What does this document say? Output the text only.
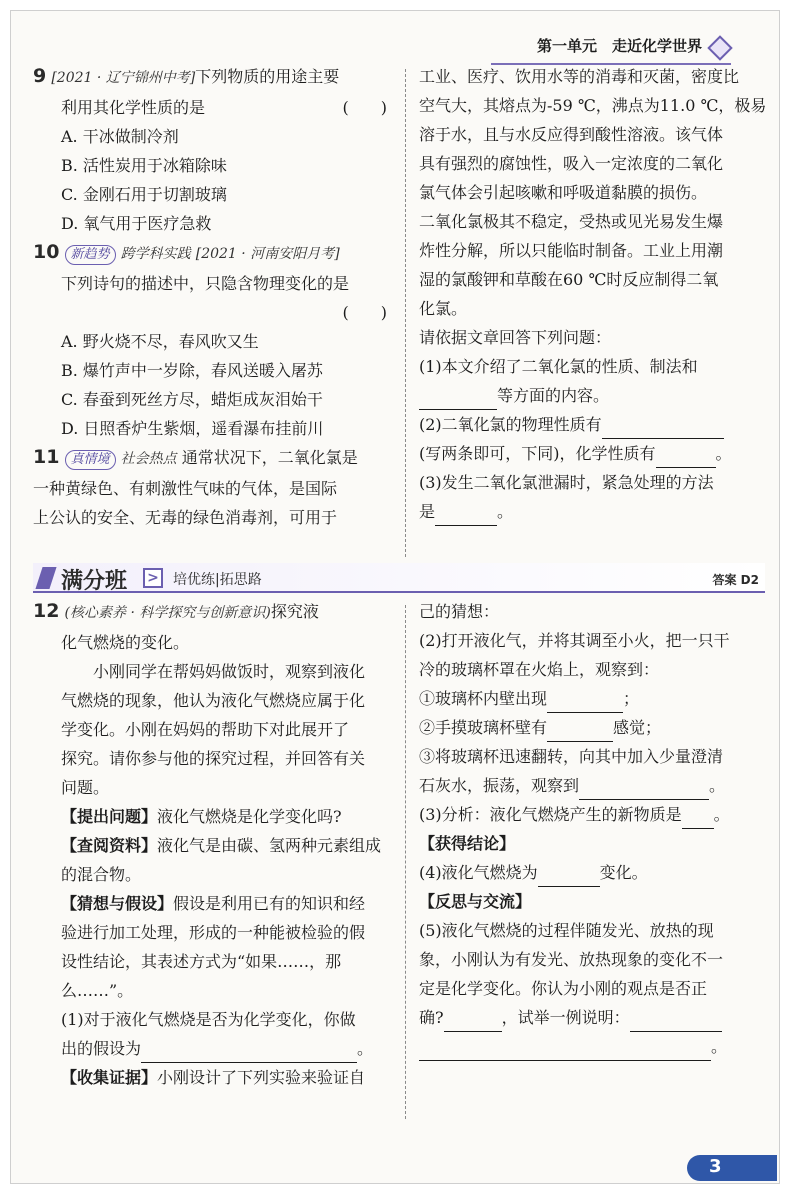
第一单元　走近化学世界

9 [2021 · 辽宁锦州中考]下列物质的用途主要

利用其化学性质的是	(　　)

A. 干冰做制冷剂

B. 活性炭用于冰箱除味

C. 金刚石用于切割玻璃

D. 氧气用于医疗急救

10 新趋势 跨学科实践 [2021 · 河南安阳月考]

下列诗句的描述中，只隐含物理变化的是

(　　)

A. 野火烧不尽，春风吹又生

B. 爆竹声中一岁除，春风送暖入屠苏

C. 春蚕到死丝方尽，蜡炬成灰泪始干

D. 日照香炉生紫烟，遥看瀑布挂前川

11 真情境 社会热点 通常状况下，二氧化氯是

一种黄绿色、有刺激性气味的气体，是国际

上公认的安全、无毒的绿色消毒剂，可用于

工业、医疗、饮用水等的消毒和灭菌，密度比

空气大，其熔点为-59 ℃，沸点为11.0 ℃，极易

溶于水，且与水反应得到酸性溶液。该气体

具有强烈的腐蚀性，吸入一定浓度的二氧化

氯气体会引起咳嗽和呼吸道黏膜的损伤。

二氧化氯极其不稳定，受热或见光易发生爆

炸性分解，所以只能临时制备。工业上用潮

湿的氯酸钾和草酸在60 ℃时反应制得二氧

化氯。

请依据文章回答下列问题：

(1)本文介绍了二氧化氯的性质、制法和

等方面的内容。

(2)二氧化氯的物理性质有

(写两条即可，下同)，化学性质有	。

(3)发生二氧化氯泄漏时，紧急处理的方法

是	。

满分班 > 培优练|拓思路	答案 D2

12 (核心素养 · 科学探究与创新意识)探究液

化气燃烧的变化。

小刚同学在帮妈妈做饭时，观察到液化

气燃烧的现象，他认为液化气燃烧应属于化

学变化。小刚在妈妈的帮助下对此展开了

探究。请你参与他的探究过程，并回答有关

问题。

【提出问题】液化气燃烧是化学变化吗?

【查阅资料】液化气是由碳、氢两种元素组成

的混合物。

【猜想与假设】假设是利用已有的知识和经

验进行加工处理，形成的一种能被检验的假

设性结论，其表述方式为“如果……，那

么……”。

(1)对于液化气燃烧是否为化学变化，你做

出的假设为	。

【收集证据】小刚设计了下列实验来验证自

己的猜想：

(2)打开液化气，并将其调至小火，把一只干

冷的玻璃杯罩在火焰上，观察到：

①玻璃杯内壁出现	；

②手摸玻璃杯壁有	感觉；

③将玻璃杯迅速翻转，向其中加入少量澄清

石灰水，振荡，观察到	。

(3)分析：液化气燃烧产生的新物质是 。

【获得结论】

(4)液化气燃烧为	变化。

【反思与交流】

(5)液化气燃烧的过程伴随发光、放热的现

象，小刚认为有发光、放热现象的变化不一

定是化学变化。你认为小刚的观点是否正

确?	，试举一例说明：

。

3
